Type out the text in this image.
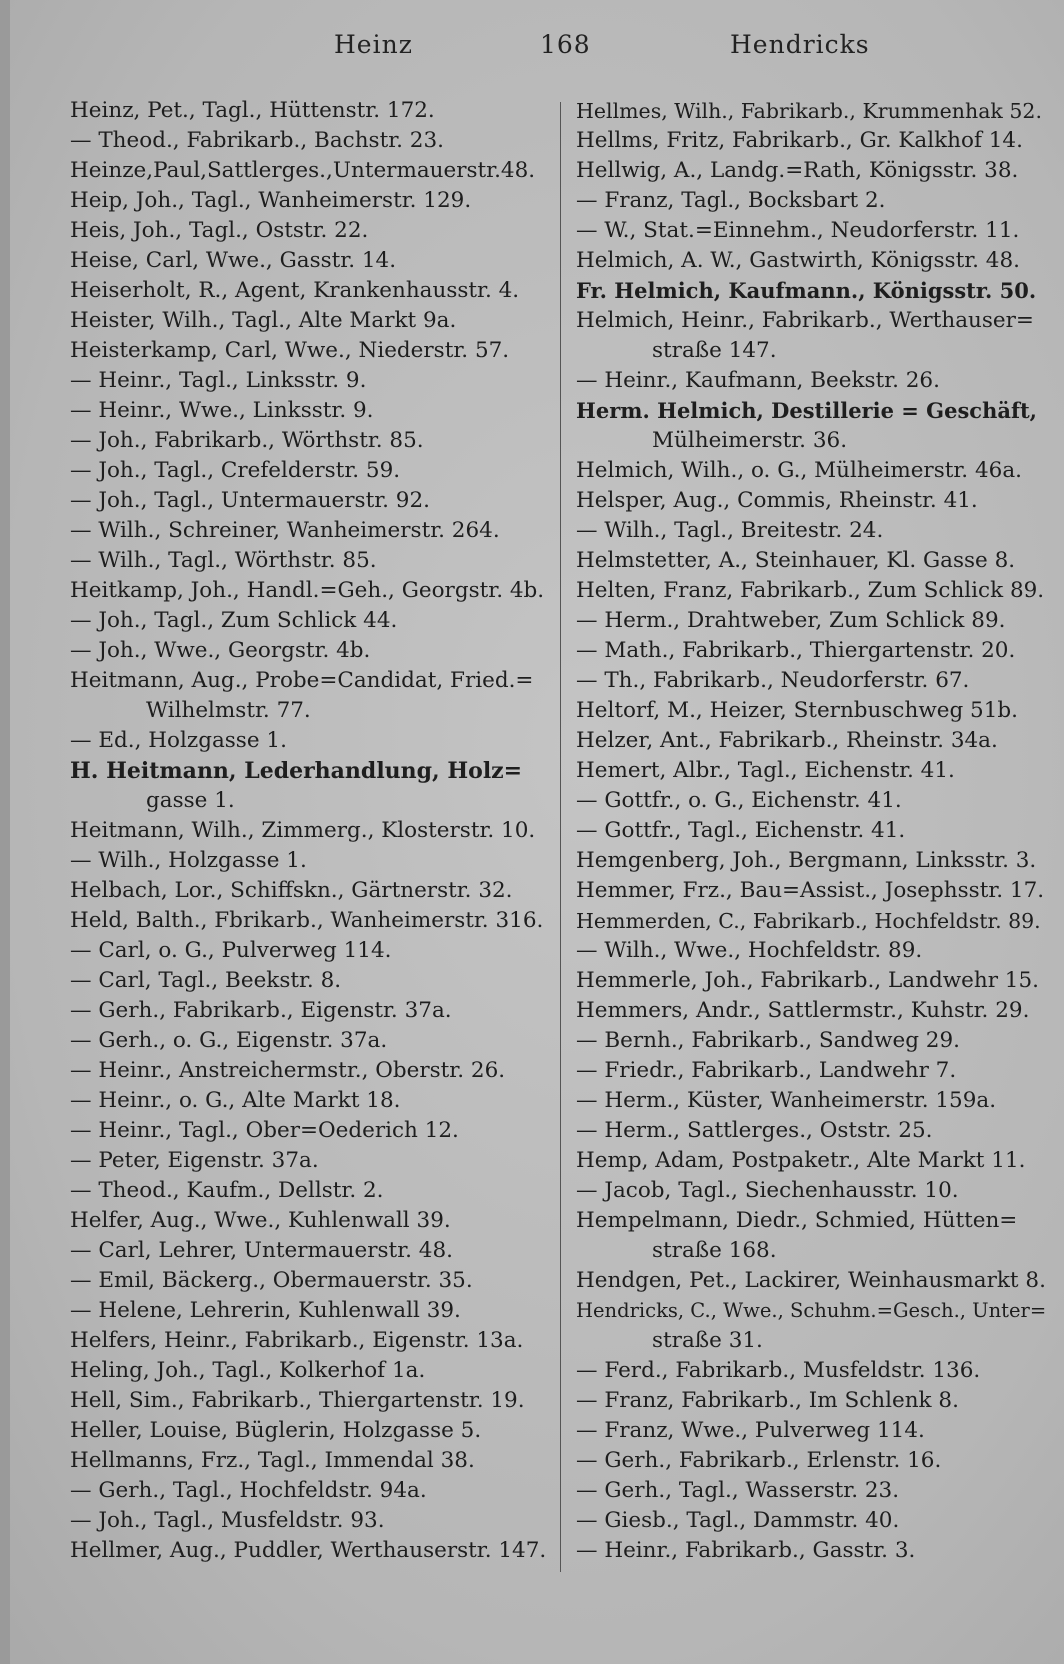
Heinz	168	Hendricks
Heinz, Pet., Tagl., Hüttenstr. 172.
— Theod., Fabrikarb., Bachstr. 23.
Heinze,Paul,Sattlerges.,Untermauerstr.48.
Heip, Joh., Tagl., Wanheimerstr. 129.
Heis, Joh., Tagl., Oststr. 22.
Heise, Carl, Wwe., Gasstr. 14.
Heiserholt, R., Agent, Krankenhausstr. 4.
Heister, Wilh., Tagl., Alte Markt 9a.
Heisterkamp, Carl, Wwe., Niederstr. 57.
— Heinr., Tagl., Linksstr. 9.
— Heinr., Wwe., Linksstr. 9.
— Joh., Fabrikarb., Wörthstr. 85.
— Joh., Tagl., Crefelderstr. 59.
— Joh., Tagl., Untermauerstr. 92.
— Wilh., Schreiner, Wanheimerstr. 264.
— Wilh., Tagl., Wörthstr. 85.
Heitkamp, Joh., Handl.=Geh., Georgstr. 4b.
— Joh., Tagl., Zum Schlick 44.
— Joh., Wwe., Georgstr. 4b.
Heitmann, Aug., Probe=Candidat, Fried.=
Wilhelmstr. 77.
— Ed., Holzgasse 1.
H. Heitmann, Lederhandlung, Holz=
gasse 1.
Heitmann, Wilh., Zimmerg., Klosterstr. 10.
— Wilh., Holzgasse 1.
Helbach, Lor., Schiffskn., Gärtnerstr. 32.
Held, Balth., Fbrikarb., Wanheimerstr. 316.
— Carl, o. G., Pulverweg 114.
— Carl, Tagl., Beekstr. 8.
— Gerh., Fabrikarb., Eigenstr. 37a.
— Gerh., o. G., Eigenstr. 37a.
— Heinr., Anstreichermstr., Oberstr. 26.
— Heinr., o. G., Alte Markt 18.
— Heinr., Tagl., Ober=Oederich 12.
— Peter, Eigenstr. 37a.
— Theod., Kaufm., Dellstr. 2.
Helfer, Aug., Wwe., Kuhlenwall 39.
— Carl, Lehrer, Untermauerstr. 48.
— Emil, Bäckerg., Obermauerstr. 35.
— Helene, Lehrerin, Kuhlenwall 39.
Helfers, Heinr., Fabrikarb., Eigenstr. 13a.
Heling, Joh., Tagl., Kolkerhof 1a.
Hell, Sim., Fabrikarb., Thiergartenstr. 19.
Heller, Louise, Büglerin, Holzgasse 5.
Hellmanns, Frz., Tagl., Immendal 38.
— Gerh., Tagl., Hochfeldstr. 94a.
— Joh., Tagl., Musfeldstr. 93.
Hellmer, Aug., Puddler, Werthauserstr. 147.
Hellmes, Wilh., Fabrikarb., Krummenhak 52.
Hellms, Fritz, Fabrikarb., Gr. Kalkhof 14.
Hellwig, A., Landg.=Rath, Königsstr. 38.
— Franz, Tagl., Bocksbart 2.
— W., Stat.=Einnehm., Neudorferstr. 11.
Helmich, A. W., Gastwirth, Königsstr. 48.
Fr. Helmich, Kaufmann., Königsstr. 50.
Helmich, Heinr., Fabrikarb., Werthauser=
straße 147.
— Heinr., Kaufmann, Beekstr. 26.
Herm. Helmich, Destillerie = Geschäft,
Mülheimerstr. 36.
Helmich, Wilh., o. G., Mülheimerstr. 46a.
Helsper, Aug., Commis, Rheinstr. 41.
— Wilh., Tagl., Breitestr. 24.
Helmstetter, A., Steinhauer, Kl. Gasse 8.
Helten, Franz, Fabrikarb., Zum Schlick 89.
— Herm., Drahtweber, Zum Schlick 89.
— Math., Fabrikarb., Thiergartenstr. 20.
— Th., Fabrikarb., Neudorferstr. 67.
Heltorf, M., Heizer, Sternbuschweg 51b.
Helzer, Ant., Fabrikarb., Rheinstr. 34a.
Hemert, Albr., Tagl., Eichenstr. 41.
— Gottfr., o. G., Eichenstr. 41.
— Gottfr., Tagl., Eichenstr. 41.
Hemgenberg, Joh., Bergmann, Linksstr. 3.
Hemmer, Frz., Bau=Assist., Josephsstr. 17.
Hemmerden, C., Fabrikarb., Hochfeldstr. 89.
— Wilh., Wwe., Hochfeldstr. 89.
Hemmerle, Joh., Fabrikarb., Landwehr 15.
Hemmers, Andr., Sattlermstr., Kuhstr. 29.
— Bernh., Fabrikarb., Sandweg 29.
— Friedr., Fabrikarb., Landwehr 7.
— Herm., Küster, Wanheimerstr. 159a.
— Herm., Sattlerges., Oststr. 25.
Hemp, Adam, Postpaketr., Alte Markt 11.
— Jacob, Tagl., Siechenhausstr. 10.
Hempelmann, Diedr., Schmied, Hütten=
straße 168.
Hendgen, Pet., Lackirer, Weinhausmarkt 8.
Hendricks, C., Wwe., Schuhm.=Gesch., Unter=
straße 31.
— Ferd., Fabrikarb., Musfeldstr. 136.
— Franz, Fabrikarb., Im Schlenk 8.
— Franz, Wwe., Pulverweg 114.
— Gerh., Fabrikarb., Erlenstr. 16.
— Gerh., Tagl., Wasserstr. 23.
— Giesb., Tagl., Dammstr. 40.
— Heinr., Fabrikarb., Gasstr. 3.
